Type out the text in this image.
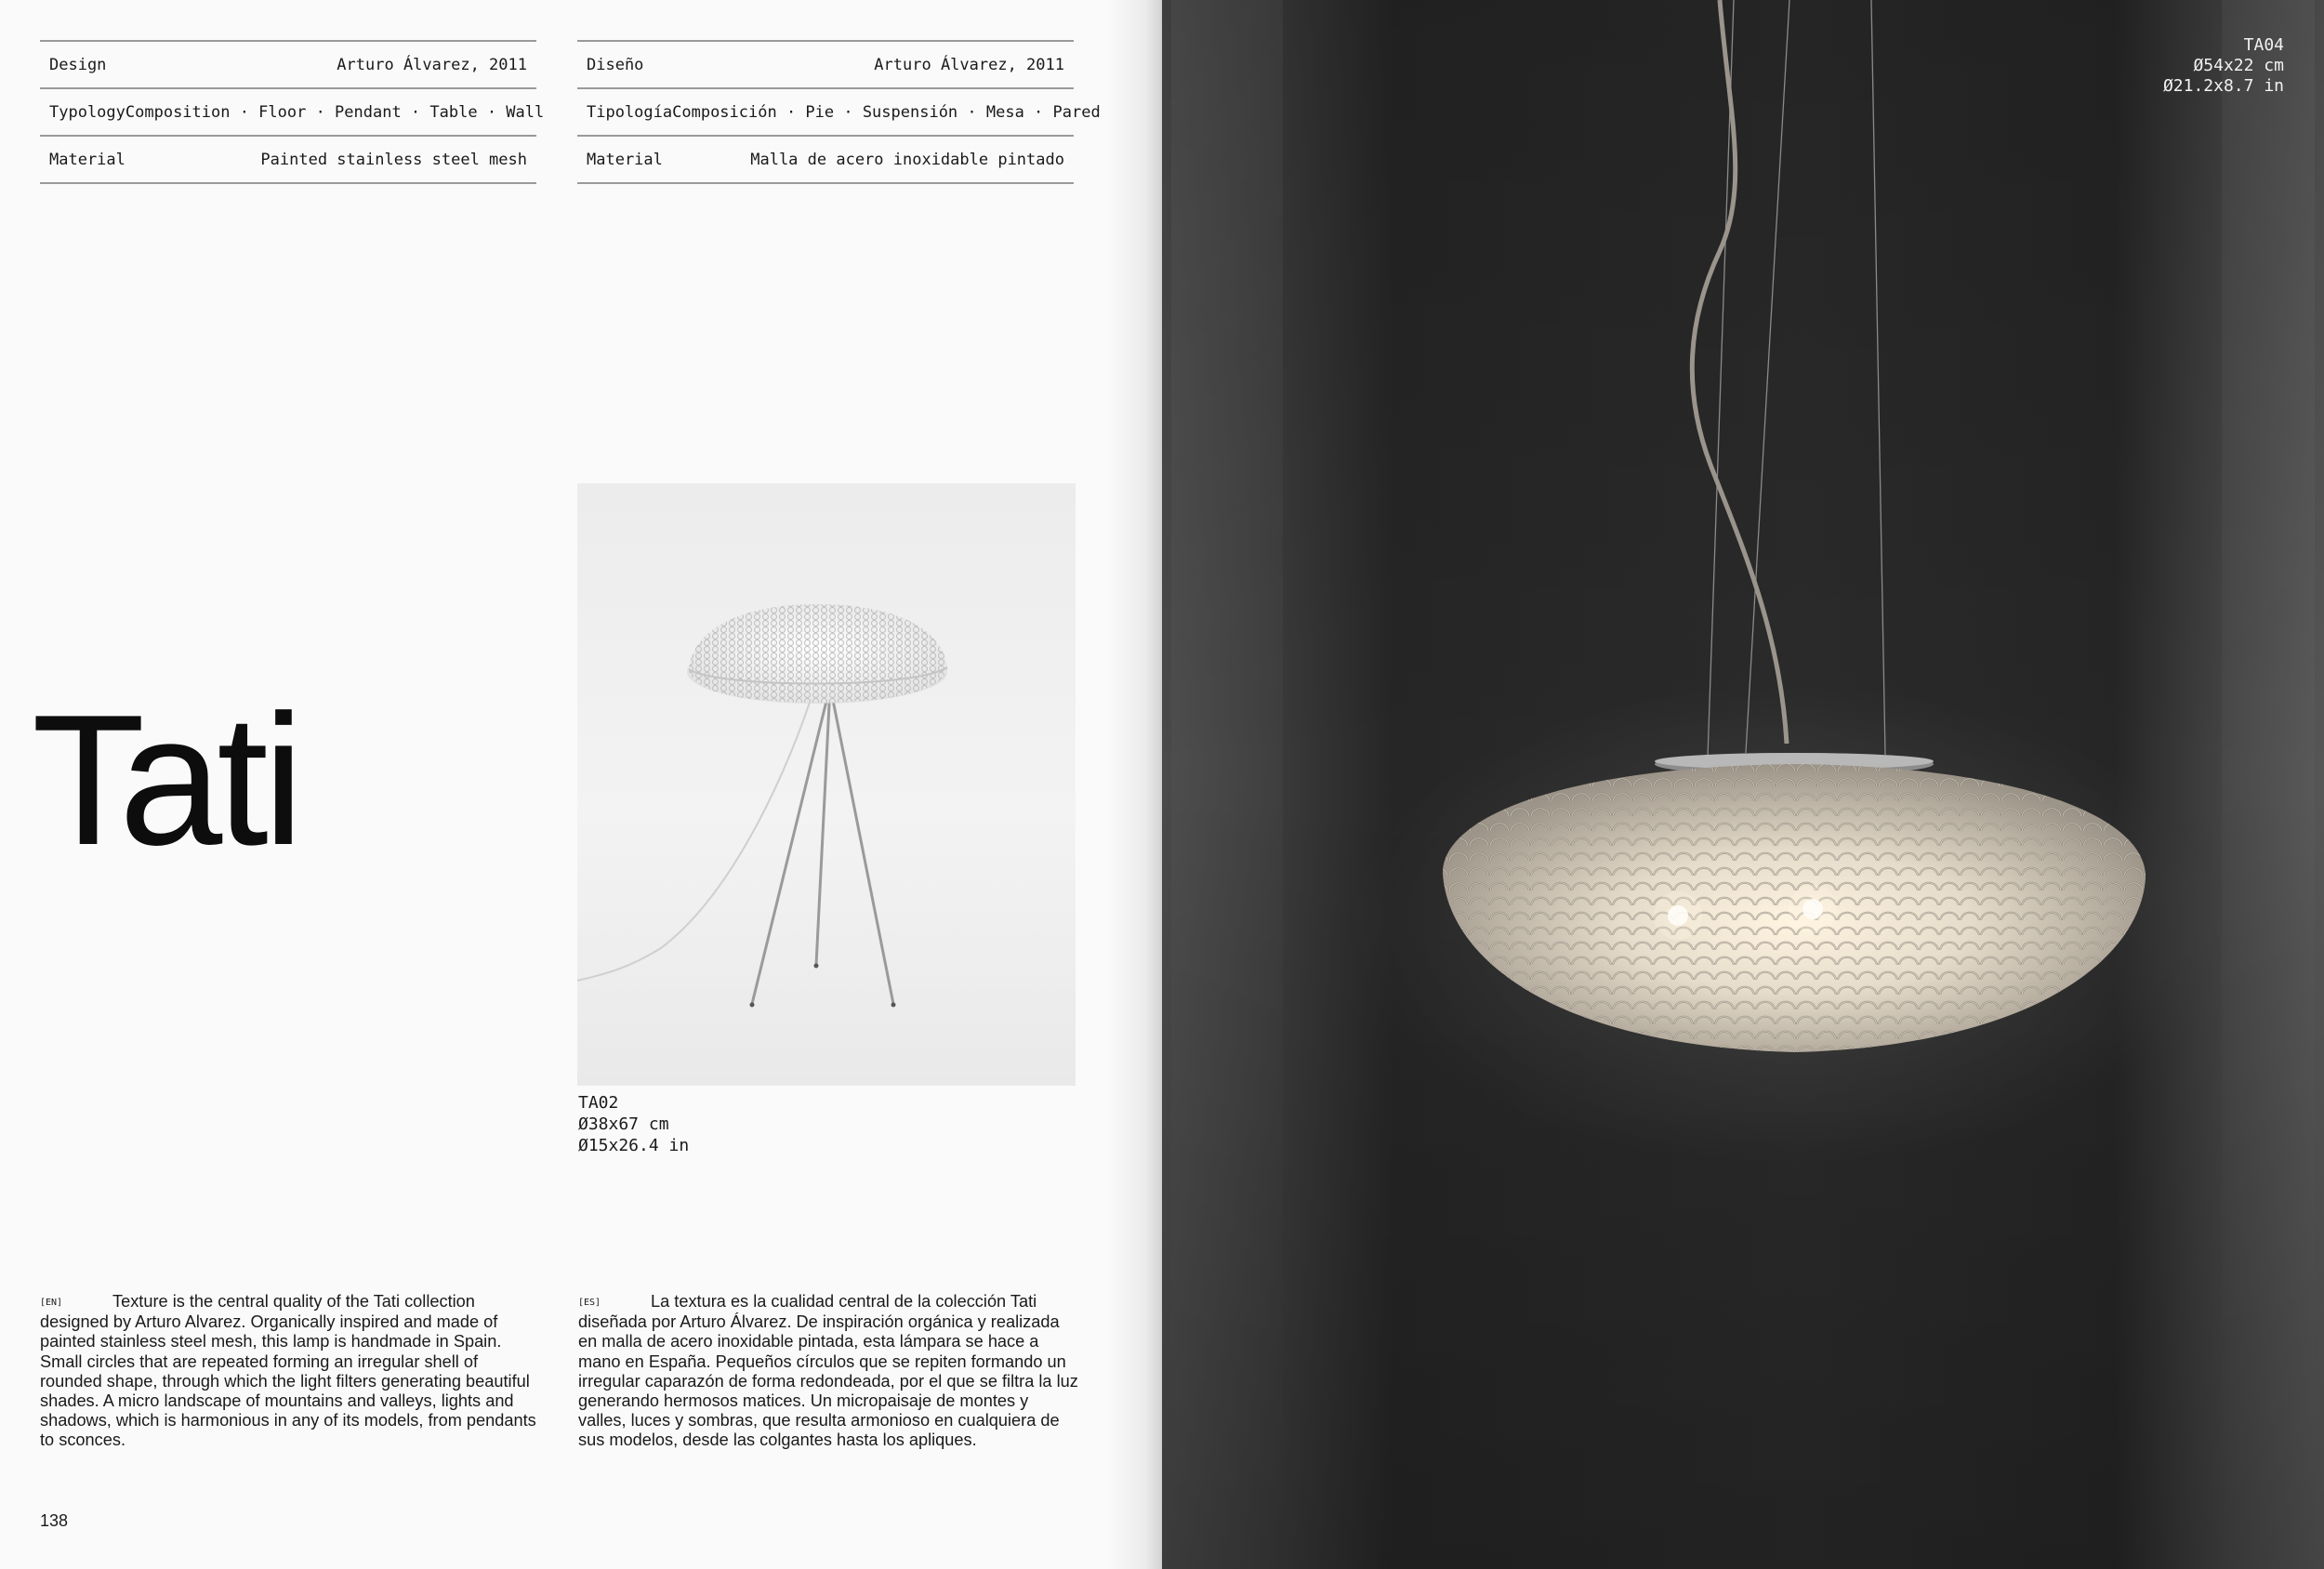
Design	Arturo Álvarez, 2011
Typology Composition · Floor · Pendant · Table · Wall
Material	Painted stainless steel mesh
Diseño	Arturo Álvarez, 2011
Tipología Composición · Pie · Suspensión · Mesa · Pared
Material	Malla de acero inoxidable pintado
Tati
TA02
Ø38x67 cm
Ø15x26.4 in
[EN]	Texture is the central quality of the Tati collection designed by Arturo Alvarez. Organically inspired and made of painted stainless steel mesh, this lamp is handmade in Spain. Small circles that are repeated forming an irregular shell of rounded shape, through which the light filters generating beautiful shades. A micro landscape of mountains and valleys, lights and shadows, which is harmonious in any of its models, from pendants to sconces.
[ES]	La textura es la cualidad central de la colección Tati diseñada por Arturo Álvarez. De inspiración orgánica y realizada en malla de acero inoxidable pintada, esta lámpara se hace a mano en España. Pequeños círculos que se repiten formando un irregular caparazón de forma redondeada, por el que se filtra la luz generando hermosos matices. Un micropaisaje de montes y valles, luces y sombras, que resulta armonioso en cualquiera de sus modelos, desde las colgantes hasta los apliques.
138
TA04
Ø54x22 cm
Ø21.2x8.7 in
